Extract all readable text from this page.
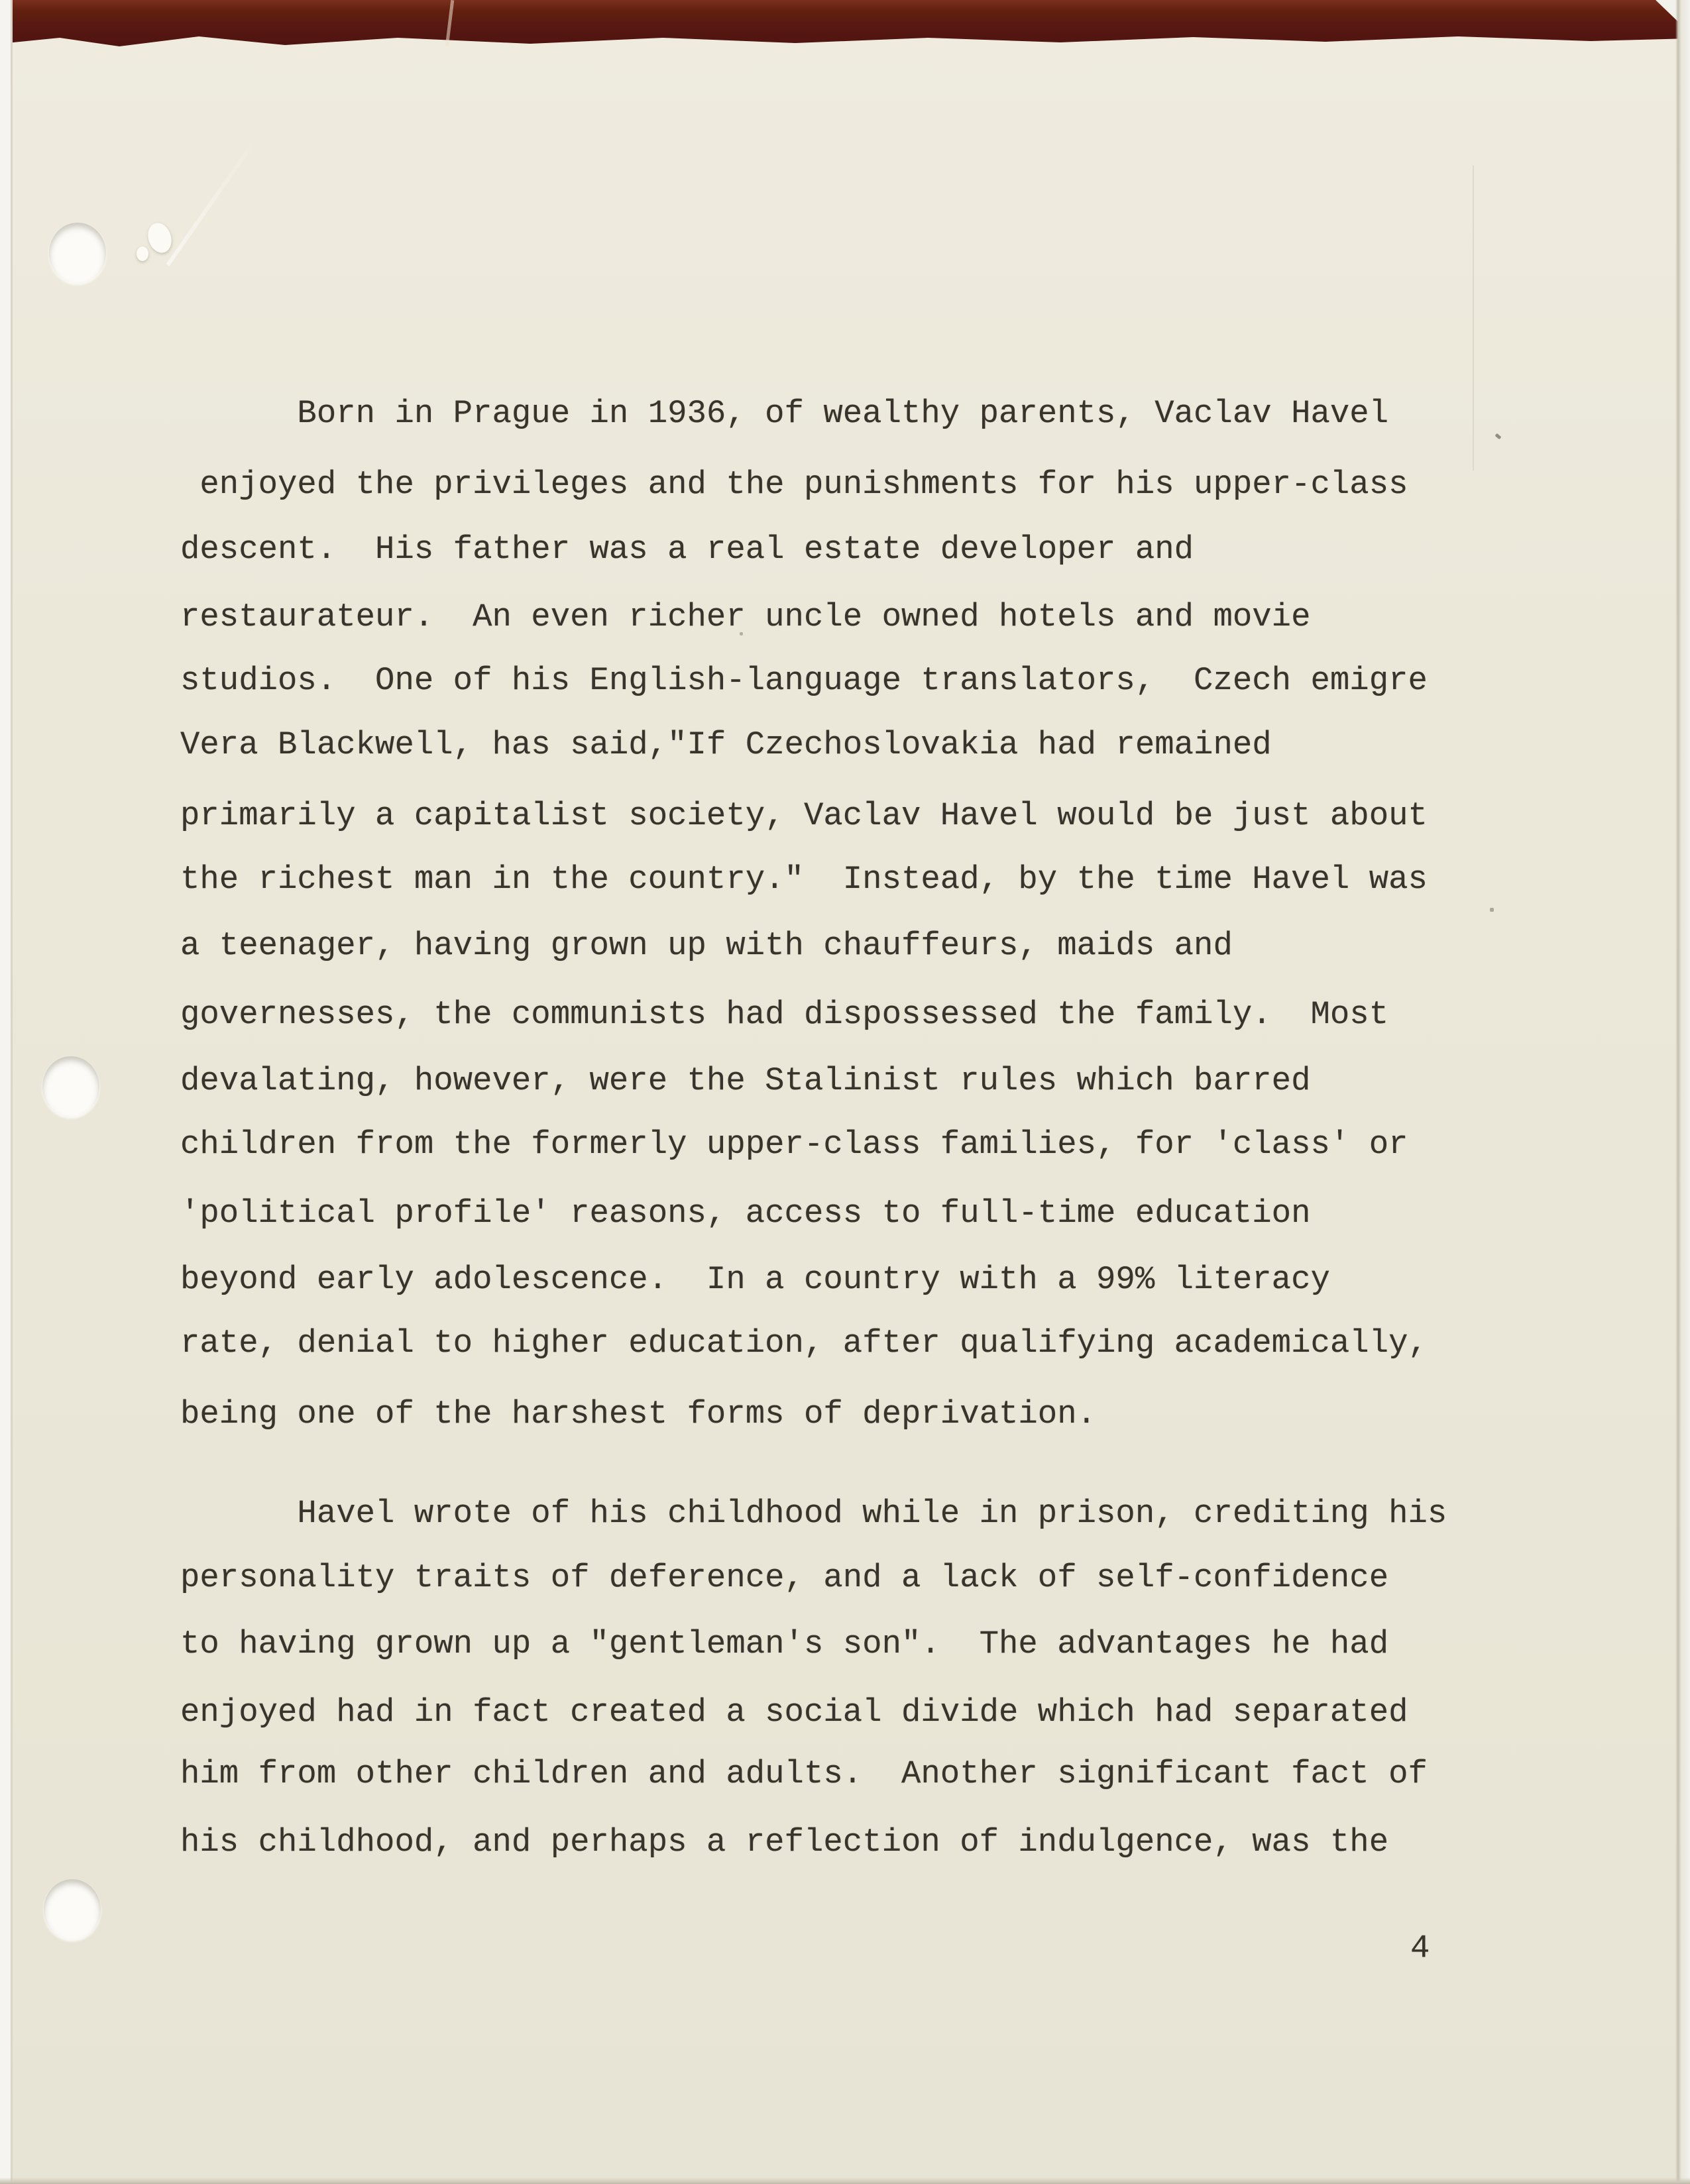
Born in Prague in 1936, of wealthy parents, Vaclav Havel
enjoyed the privileges and the punishments for his upper-class
descent.  His father was a real estate developer and
restaurateur.  An even richer uncle owned hotels and movie
studios.  One of his English-language translators,  Czech emigre
Vera Blackwell, has said,"If Czechoslovakia had remained
primarily a capitalist society, Vaclav Havel would be just about
the richest man in the country."  Instead, by the time Havel was
a teenager, having grown up with chauffeurs, maids and
governesses, the communists had dispossessed the family.  Most
devalating, however, were the Stalinist rules which barred
children from the formerly upper-class families, for 'class' or
'political profile' reasons, access to full-time education
beyond early adolescence.  In a country with a 99% literacy
rate, denial to higher education, after qualifying academically,
being one of the harshest forms of deprivation.
Havel wrote of his childhood while in prison, crediting his
personality traits of deference, and a lack of self-confidence
to having grown up a "gentleman's son".  The advantages he had
enjoyed had in fact created a social divide which had separated
him from other children and adults.  Another significant fact of
his childhood, and perhaps a reflection of indulgence, was the
4
